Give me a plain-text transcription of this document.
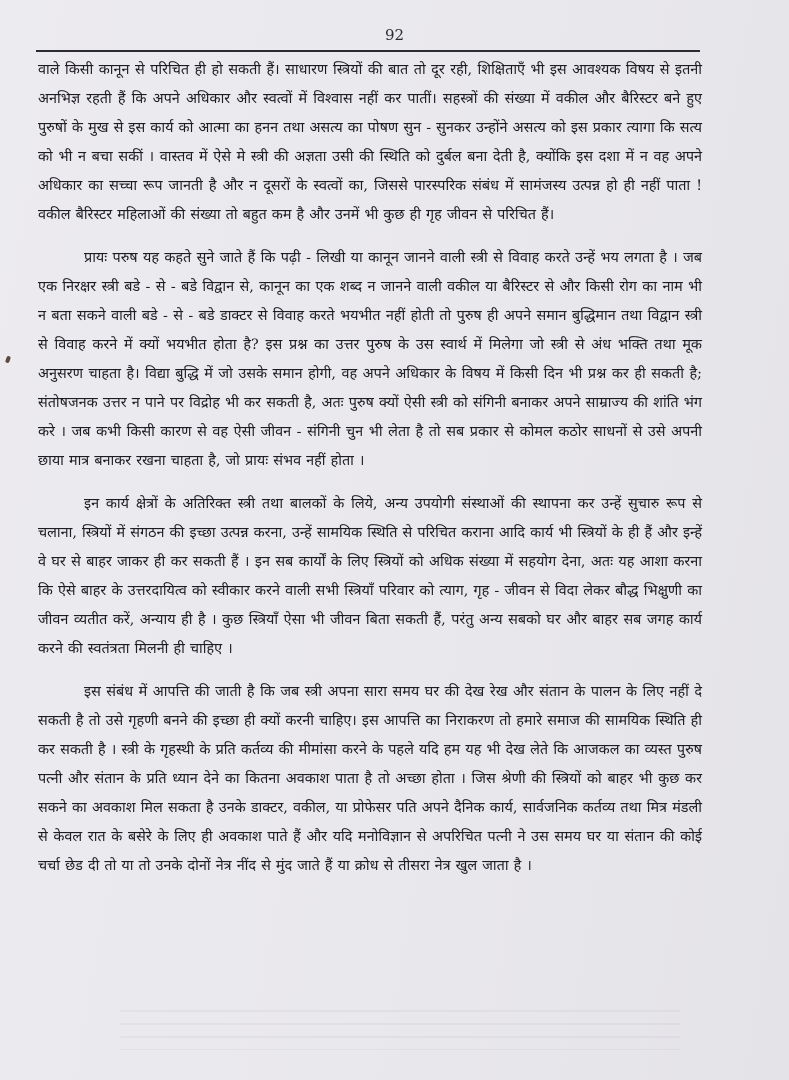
92

वाले किसी कानून से परिचित ही हो सकती हैं। साधारण स्त्रियों की बात तो दूर रही, शिक्षिताएँ भी इस आवश्यक विषय से इतनी अनभिज्ञ रहती हैं कि अपने अधिकार और स्वत्वों में विश्वास नहीं कर पातीं। सहस्त्रों की संख्या में वकील और बैरिस्टर बने हुए पुरुषों के मुख से इस कार्य को आत्मा का हनन तथा असत्य का पोषण सुन - सुनकर उन्होंने असत्य को इस प्रकार त्यागा कि सत्य को भी न बचा सकीं । वास्तव में ऐसे मे स्त्री की अज्ञता उसी की स्थिति को दुर्बल बना देती है, क्योंकि इस दशा में न वह अपने अधिकार का सच्चा रूप जानती है और न दूसरों के स्वत्वों का, जिससे पारस्परिक संबंध में सामंजस्य उत्पन्न हो ही नहीं पाता ! वकील बैरिस्टर महिलाओं की संख्या तो बहुत कम है और उनमें भी कुछ ही गृह जीवन से परिचित हैं।

प्रायः परुष यह कहते सुने जाते हैं कि पढ़ी - लिखी या कानून जानने वाली स्त्री से विवाह करते उन्हें भय लगता है । जब एक निरक्षर स्त्री बडे - से - बडे विद्वान से, कानून का एक शब्द न जानने वाली वकील या बैरिस्टर से और किसी रोग का नाम भी न बता सकने वाली बडे - से - बडे डाक्टर से विवाह करते भयभीत नहीं होती तो पुरुष ही अपने समान बुद्धिमान तथा विद्वान स्त्री से विवाह करने में क्यों भयभीत होता है? इस प्रश्न का उत्तर पुरुष के उस स्वार्थ में मिलेगा जो स्त्री से अंध भक्ति तथा मूक अनुसरण चाहता है। विद्या बुद्धि में जो उसके समान होगी, वह अपने अधिकार के विषय में किसी दिन भी प्रश्न कर ही सकती है; संतोषजनक उत्तर न पाने पर विद्रोह भी कर सकती है, अतः पुरुष क्यों ऐसी स्त्री को संगिनी बनाकर अपने साम्राज्य की शांति भंग करे । जब कभी किसी कारण से वह ऐसी जीवन - संगिनी चुन भी लेता है तो सब प्रकार से कोमल कठोर साधनों से उसे अपनी छाया मात्र बनाकर रखना चाहता है, जो प्रायः संभव नहीं होता ।

इन कार्य क्षेत्रों के अतिरिक्त स्त्री तथा बालकों के लिये, अन्य उपयोगी संस्थाओं की स्थापना कर उन्हें सुचारु रूप से चलाना, स्त्रियों में संगठन की इच्छा उत्पन्न करना, उन्हें सामयिक स्थिति से परिचित कराना आदि कार्य भी स्त्रियों के ही हैं और इन्हें वे घर से बाहर जाकर ही कर सकती हैं । इन सब कार्यों के लिए स्त्रियों को अधिक संख्या में सहयोग देना, अतः यह आशा करना कि ऐसे बाहर के उत्तरदायित्व को स्वीकार करने वाली सभी स्त्रियाँ परिवार को त्याग, गृह - जीवन से विदा लेकर बौद्ध भिक्षुणी का जीवन व्यतीत करें, अन्याय ही है । कुछ स्त्रियाँ ऐसा भी जीवन बिता सकती हैं, परंतु अन्य सबको घर और बाहर सब जगह कार्य करने की स्वतंत्रता मिलनी ही चाहिए ।

इस संबंध में आपत्ति की जाती है कि जब स्त्री अपना सारा समय घर की देख रेख और संतान के पालन के लिए नहीं दे सकती है तो उसे गृहणी बनने की इच्छा ही क्यों करनी चाहिए। इस आपत्ति का निराकरण तो हमारे समाज की सामयिक स्थिति ही कर सकती है । स्त्री के गृहस्थी के प्रति कर्तव्य की मीमांसा करने के पहले यदि हम यह भी देख लेते कि आजकल का व्यस्त पुरुष पत्नी और संतान के प्रति ध्यान देने का कितना अवकाश पाता है तो अच्छा होता । जिस श्रेणी की स्त्रियों को बाहर भी कुछ कर सकने का अवकाश मिल सकता है उनके डाक्टर, वकील, या प्रोफेसर पति अपने दैनिक कार्य, सार्वजनिक कर्तव्य तथा मित्र मंडली से केवल रात के बसेरे के लिए ही अवकाश पाते हैं और यदि मनोविज्ञान से अपरिचित पत्नी ने उस समय घर या संतान की कोई चर्चा छेड दी तो या तो उनके दोनों नेत्र नींद से मुंद जाते हैं या क्रोध से तीसरा नेत्र खुल जाता है ।
